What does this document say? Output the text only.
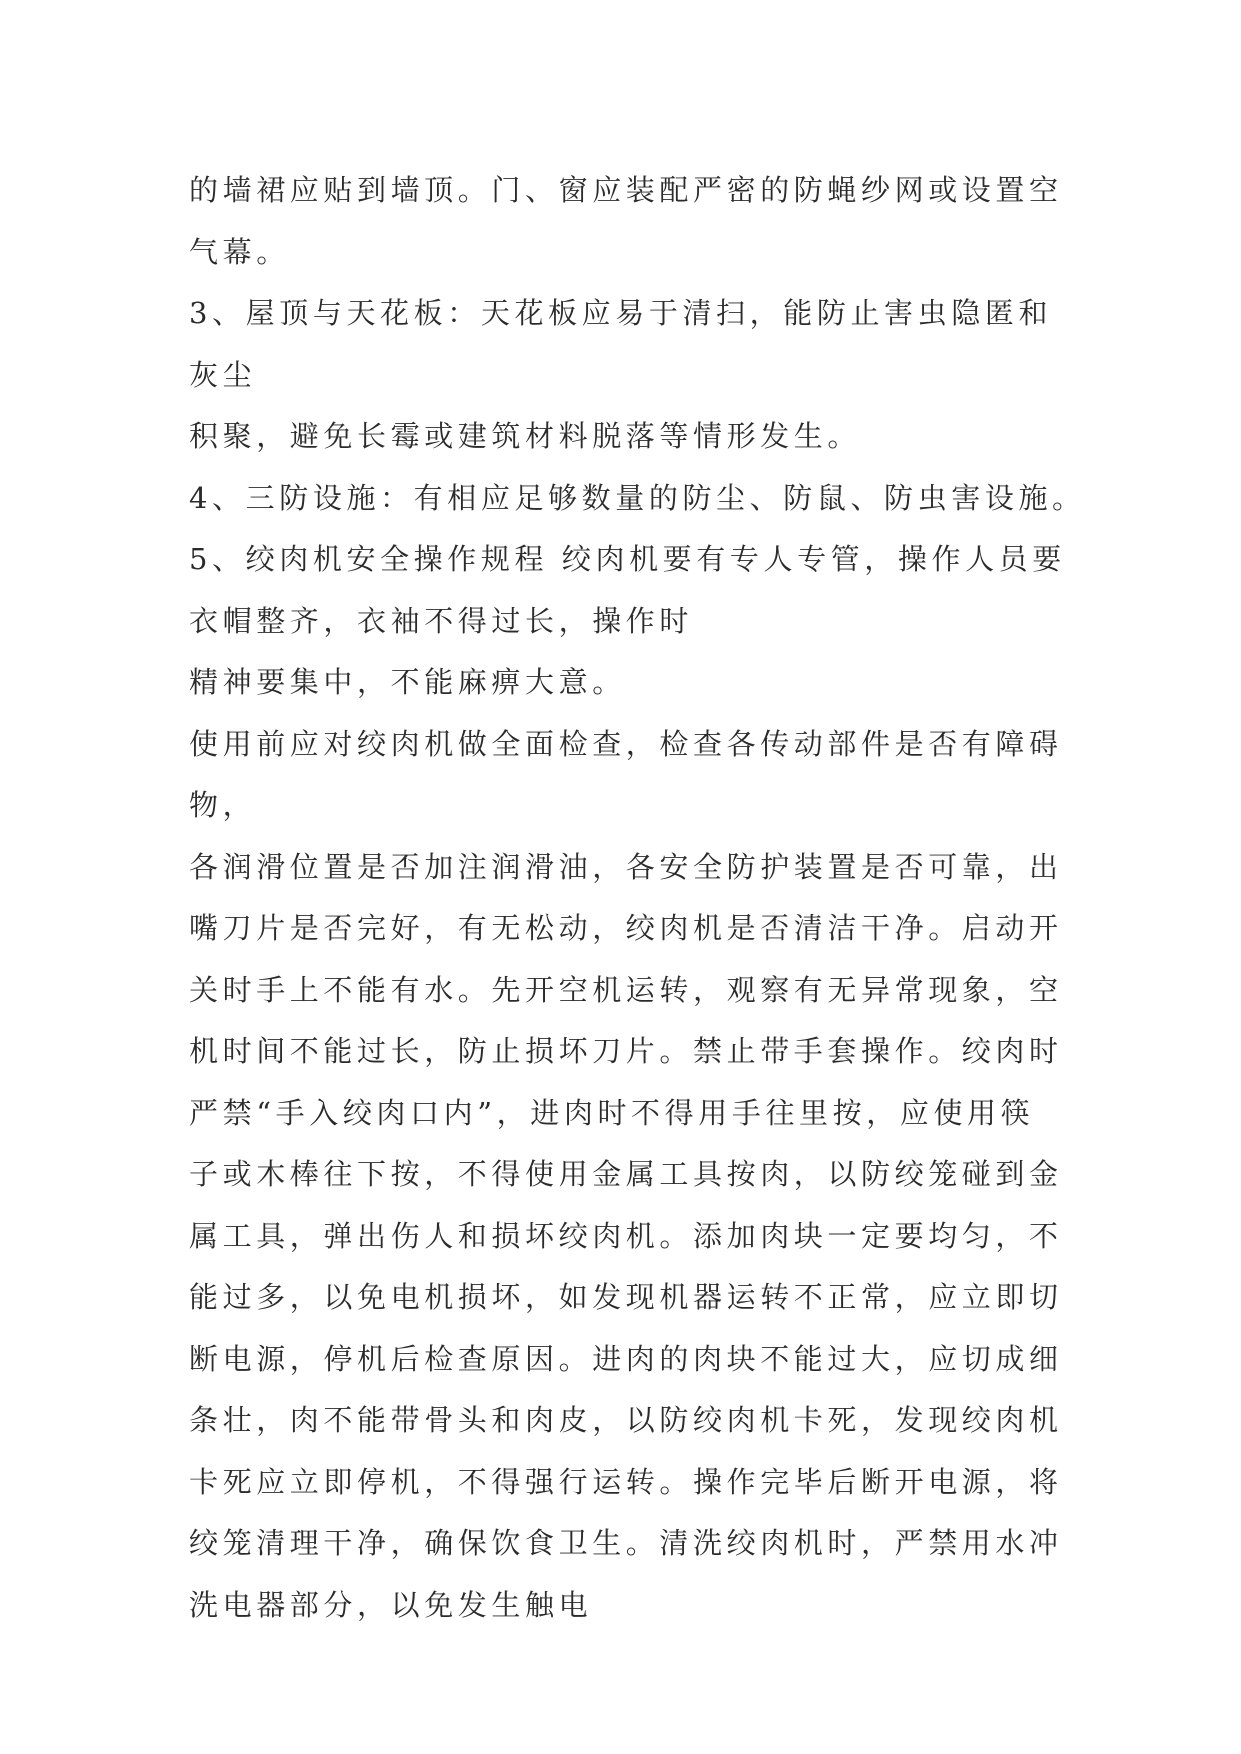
的墙裙应贴到墙顶。门、窗应装配严密的防蝇纱网或设置空
气幕。
3、屋顶与天花板：天花板应易于清扫，能防止害虫隐匿和
灰尘
积聚，避免长霉或建筑材料脱落等情形发生。
4、三防设施：有相应足够数量的防尘、防鼠、防虫害设施。
5、绞肉机安全操作规程 绞肉机要有专人专管，操作人员要
衣帽整齐，衣袖不得过长，操作时
精神要集中，不能麻痹大意。
使用前应对绞肉机做全面检查，检查各传动部件是否有障碍
物，
各润滑位置是否加注润滑油，各安全防护装置是否可靠，出
嘴刀片是否完好，有无松动，绞肉机是否清洁干净。启动开
关时手上不能有水。先开空机运转，观察有无异常现象，空
机时间不能过长，防止损坏刀片。禁止带手套操作。绞肉时
严禁“手入绞肉口内”，进肉时不得用手往里按，应使用筷
子或木棒往下按，不得使用金属工具按肉，以防绞笼碰到金
属工具，弹出伤人和损坏绞肉机。添加肉块一定要均匀，不
能过多，以免电机损坏，如发现机器运转不正常，应立即切
断电源，停机后检查原因。进肉的肉块不能过大，应切成细
条壮，肉不能带骨头和肉皮，以防绞肉机卡死，发现绞肉机
卡死应立即停机，不得强行运转。操作完毕后断开电源，将
绞笼清理干净，确保饮食卫生。清洗绞肉机时，严禁用水冲
洗电器部分，以免发生触电
